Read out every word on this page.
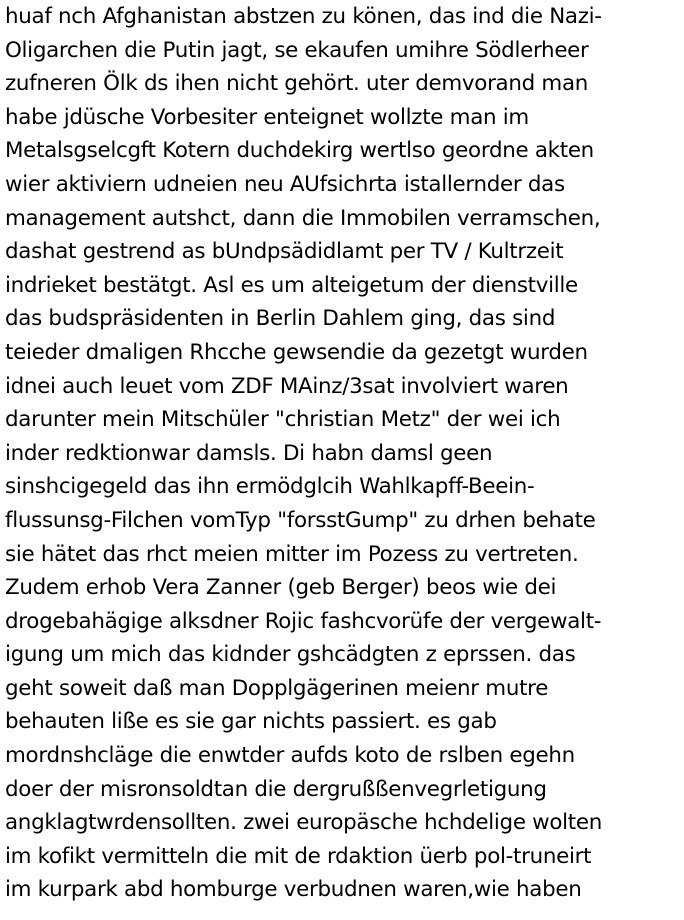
huaf nch Afghanistan abstzen zu könen, das ind die Nazi-
Oligarchen die Putin jagt, se ekaufen umihre Södlerheer
zufneren Ölk ds ihen nicht gehört. uter demvorand man
habe jdüsche Vorbesiter enteignet wollzte man im
Metalsgselcgft Kotern duchdekirg wertlso geordne akten
wier aktiviern udneien neu AUfsichrta istallernder das
management autshct, dann die Immobilen verramschen,
dashat gestrend as bUndpsädidlamt per TV / Kultrzeit
indrieket bestätgt. Asl es um alteigetum der dienstville
das budspräsidenten in Berlin Dahlem ging, das sind
teieder dmaligen Rhcche gewsendie da gezetgt wurden
idnei auch leuet vom ZDF MAinz/3sat involviert waren
darunter mein Mitschüler "christian Metz" der wei ich
inder redktionwar damsls. Di habn damsl geen
sinshcigegeld das ihn ermödglcih Wahlkapff-Beein-
flussunsg-Filchen vomTyp "forsstGump" zu drhen behate
sie hätet das rhct meien mitter im Pozess zu vertreten.
Zudem erhob Vera Zanner (geb Berger) beos wie dei
drogebahägige alksdner Rojic fashcvorüfe der vergewalt-
igung um mich das kidnder gshcädgten z eprssen. das
geht soweit daß man Dopplgägerinen meienr mutre
behauten liße es sie gar nichts passiert. es gab
mordnshcläge die enwtder aufds koto de rslben egehn
doer der misronsoldtan die dergrußßenvegrletigung
angklagtwrdensollten. zwei europäsche hchdelige wolten
im kofikt vermitteln die mit de rdaktion üerb pol-truneirt
im kurpark abd homburge verbudnen waren,wie haben
